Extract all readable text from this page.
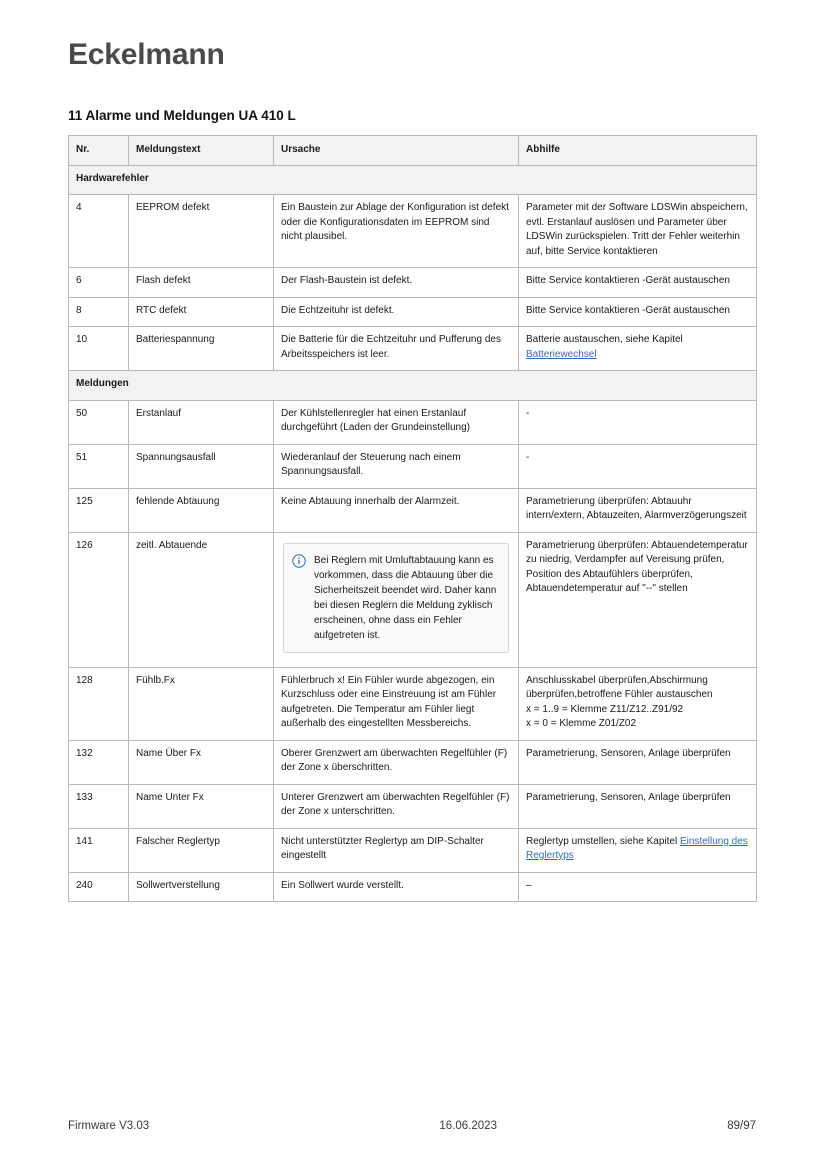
Eckelmann
11 Alarme und Meldungen UA 410 L
Nr.	Meldungstext	Ursache	Abhilfe
Hardwarefehler			
4	EEPROM defekt	Ein Baustein zur Ablage der Konfiguration ist defekt oder die Konfigurationsdaten im EEPROM sind nicht plausibel.	Parameter mit der Software LDSWin abspeichern, evtl. Erstanlauf auslösen und Parameter über LDSWin zurückspielen. Tritt der Fehler weiterhin auf, bitte Service kontaktieren
6	Flash defekt	Der Flash-Baustein ist defekt.	Bitte Service kontaktieren -Gerät austauschen
8	RTC defekt	Die Echtzeituhr ist defekt.	Bitte Service kontaktieren -Gerät austauschen
10	Batteriespannung	Die Batterie für die Echtzeituhr und Pufferung des Arbeitsspeichers ist leer.	Batterie austauschen, siehe Kapitel Batteriewechsel
Meldungen			
50	Erstanlauf	Der Kühlstellenregler hat einen Erstanlauf durchgeführt (Laden der Grundeinstellung)	-
51	Spannungsausfall	Wiederanlauf der Steuerung nach einem Spannungsausfall.	-
125	fehlende Abtauung	Keine Abtauung innerhalb der Alarmzeit.	Parametrierung überprüfen: Abtauuhr intern/extern, Abtauzeiten, Alarmverzögerungszeit
126	zeitl. Abtauende	Bei Reglern mit Umluftabtauung kann es vorkommen, dass die Abtauung über die Sicherheitszeit beendet wird. Daher kann bei diesen Reglern die Meldung zyklisch erscheinen, ohne dass ein Fehler aufgetreten ist.	Parametrierung überprüfen: Abtauendetemperatur zu niedrig, Verdampfer auf Vereisung prüfen, Position des Abtaufühlers überprüfen, Abtauendetemperatur auf "--" stellen
128	Fühlb.Fx	Fühlerbruch x! Ein Fühler wurde abgezogen, ein Kurzschluss oder eine Einstreuung ist am Fühler aufgetreten. Die Temperatur am Fühler liegt außerhalb des eingestellten Messbereichs.	Anschlusskabel überprüfen,Abschirmung überprüfen,betroffene Fühler austauschen
x = 1..9 = Klemme Z11/Z12..Z91/92
x = 0 = Klemme Z01/Z02

132	Name Über Fx	Oberer Grenzwert am überwachten Regelfühler (F) der Zone x überschritten.	Parametrierung, Sensoren, Anlage überprüfen
133	Name Unter Fx	Unterer Grenzwert am überwachten Regelfühler (F) der Zone x unterschritten.	Parametrierung, Sensoren, Anlage überprüfen
141	Falscher Reglertyp	Nicht unterstützter Reglertyp am DIP-Schalter eingestellt	Reglertyp umstellen, siehe Kapitel Einstellung des Reglertyps
240	Sollwertverstellung	Ein Sollwert wurde verstellt.	–
Firmware V3.03	16.06.2023	89/97
